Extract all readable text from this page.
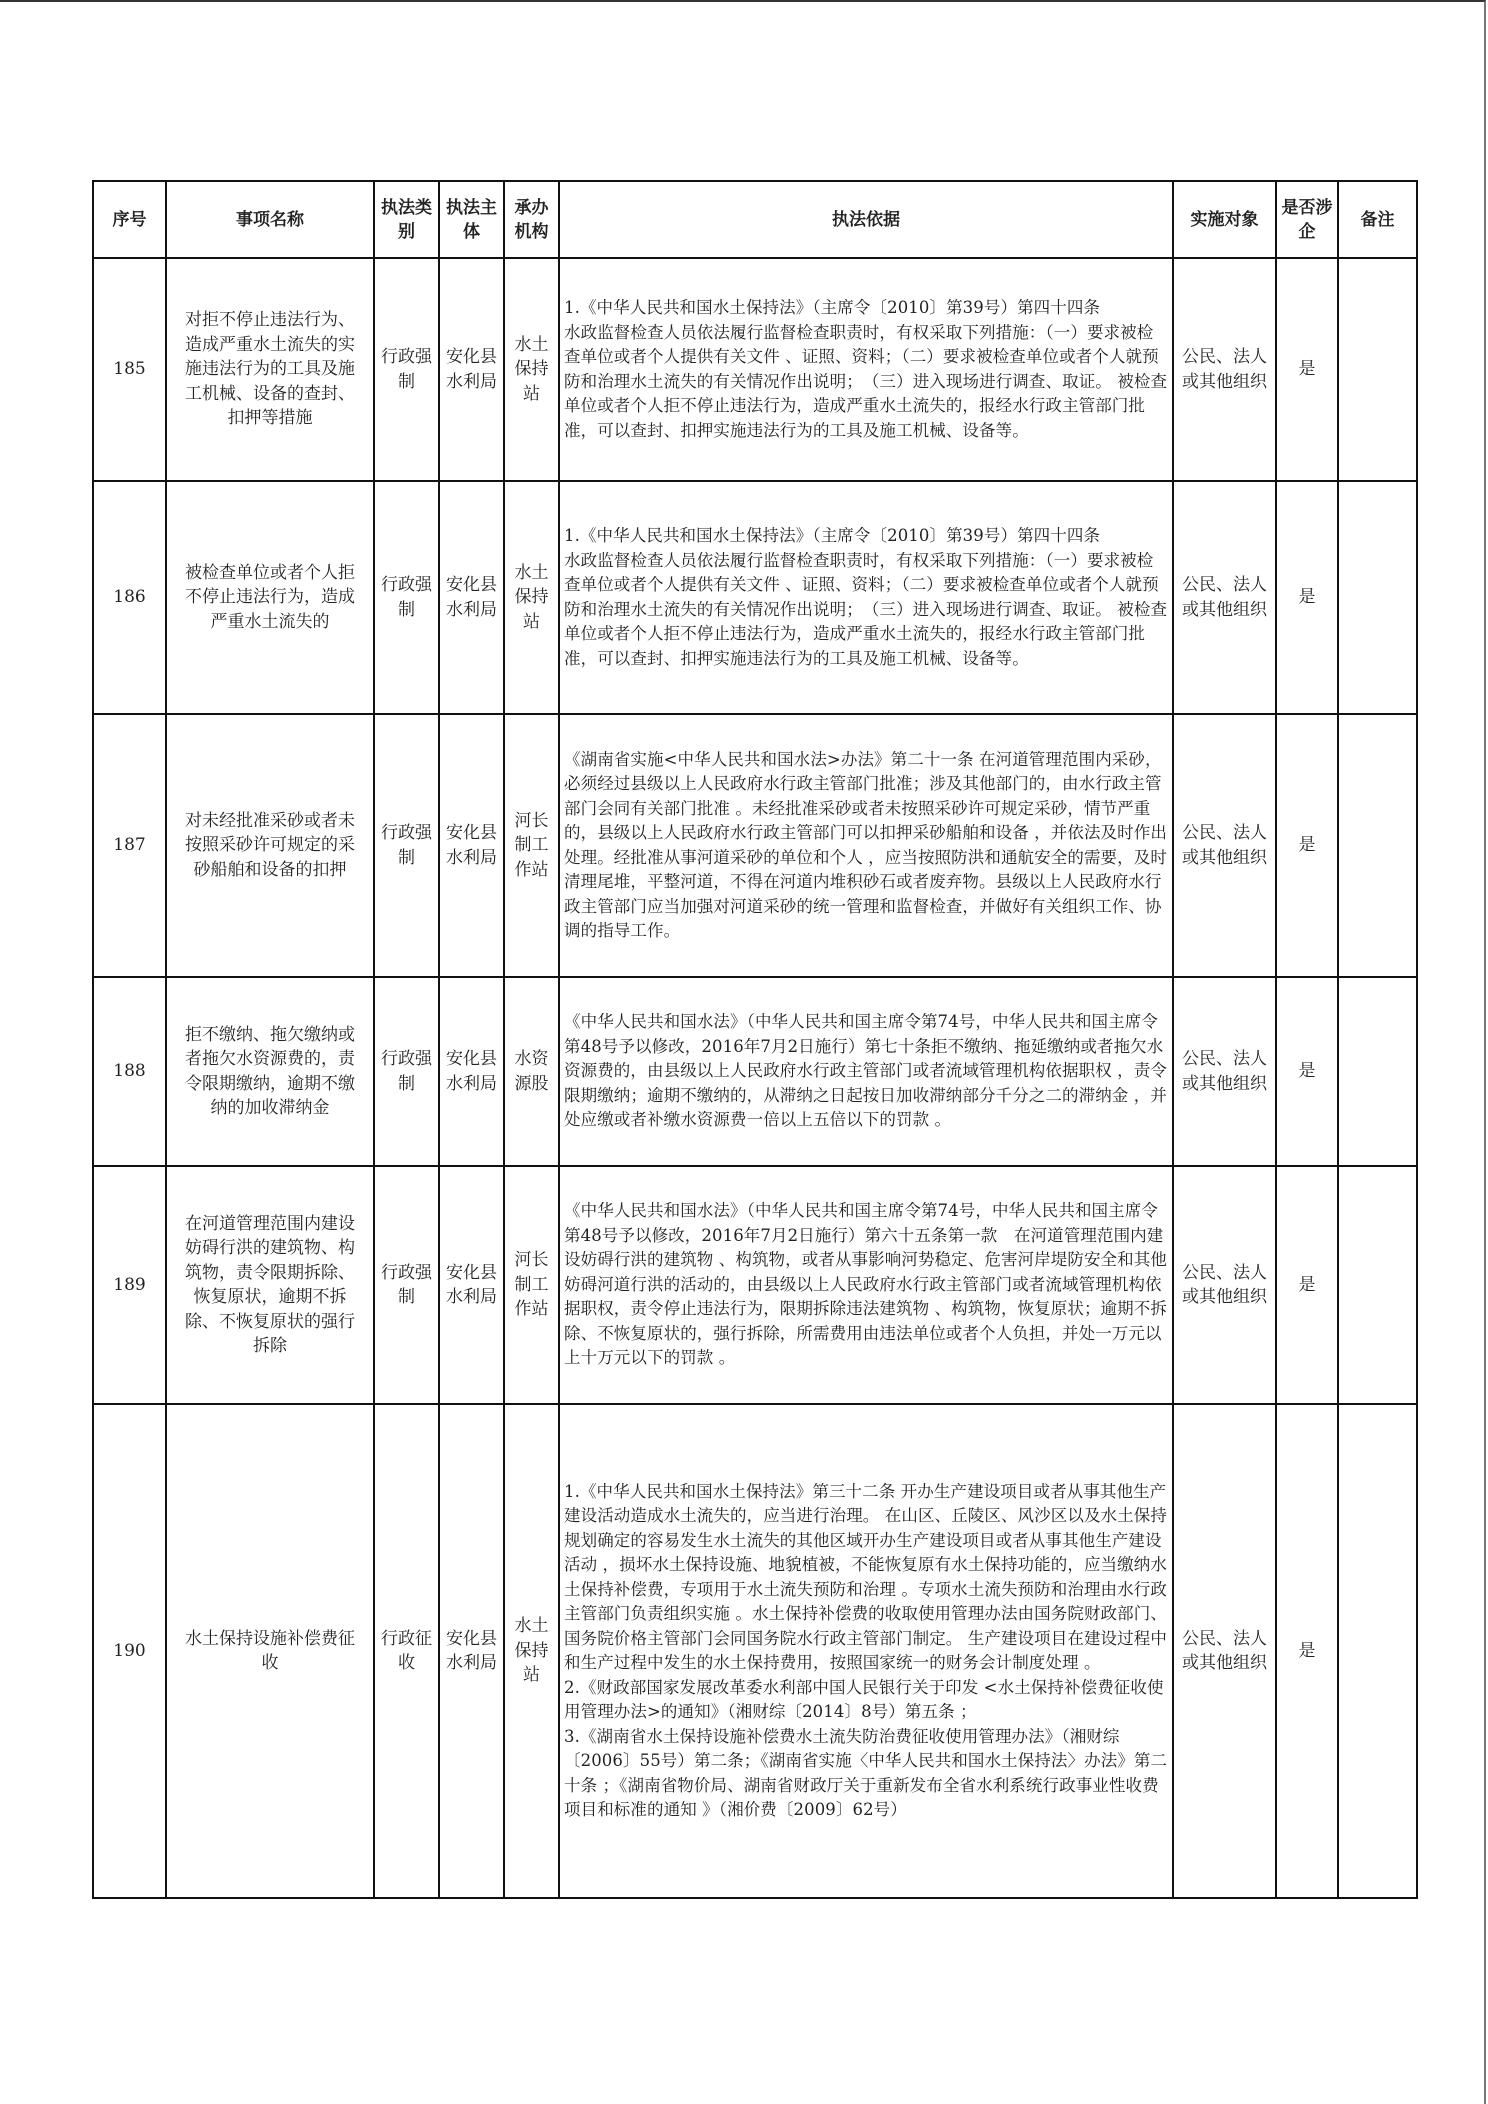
序号	事项名称	执法类别	执法主体	承办机构	执法依据	实施对象	是否涉企	备注
185	对拒不停止违法行为、造成严重水土流失的实施违法行为的工具及施工机械、设备的查封、扣押等措施	行政强制	安化县水利局	水土保持站	1.《中华人民共和国水土保持法》（主席令〔2010〕第39号）第四十四条
水政监督检查人员依法履行监督检查职责时，有权采取下列措施：（一）要求被检查单位或者个人提供有关文件 、证照、资料；（二）要求被检查单位或者个人就预防和治理水土流失的有关情况作出说明；　（三）进入现场进行调查、取证。 被检查单位或者个人拒不停止违法行为，造成严重水土流失的，报经水行政主管部门批准，可以查封、扣押实施违法行为的工具及施工机械、设备等。	公民、法人或其他组织	是	
186	被检查单位或者个人拒不停止违法行为，造成严重水土流失的	行政强制	安化县水利局	水土保持站	1.《中华人民共和国水土保持法》（主席令〔2010〕第39号）第四十四条
水政监督检查人员依法履行监督检查职责时，有权采取下列措施：（一）要求被检查单位或者个人提供有关文件 、证照、资料；（二）要求被检查单位或者个人就预防和治理水土流失的有关情况作出说明；　（三）进入现场进行调查、取证。 被检查单位或者个人拒不停止违法行为，造成严重水土流失的，报经水行政主管部门批准，可以查封、扣押实施违法行为的工具及施工机械、设备等。	公民、法人或其他组织	是	
187	对未经批准采砂或者未按照采砂许可规定的采砂船舶和设备的扣押	行政强制	安化县水利局	河长制工作站	《湖南省实施<中华人民共和国水法>办法》第二十一条 在河道管理范围内采砂，必须经过县级以上人民政府水行政主管部门批准；涉及其他部门的，由水行政主管部门会同有关部门批准 。未经批准采砂或者未按照采砂许可规定采砂，情节严重的，县级以上人民政府水行政主管部门可以扣押采砂船舶和设备 ，并依法及时作出处理。经批准从事河道采砂的单位和个人 ，应当按照防洪和通航安全的需要，及时清理尾堆，平整河道，不得在河道内堆积砂石或者废弃物。县级以上人民政府水行政主管部门应当加强对河道采砂的统一管理和监督检查，并做好有关组织工作、协调的指导工作。	公民、法人或其他组织	是	
188	拒不缴纳、拖欠缴纳或者拖欠水资源费的，责令限期缴纳，逾期不缴纳的加收滞纳金	行政强制	安化县水利局	水资源股	《中华人民共和国水法》（中华人民共和国主席令第74号，中华人民共和国主席令第48号予以修改，2016年7月2日施行）第七十条拒不缴纳、拖延缴纳或者拖欠水资源费的，由县级以上人民政府水行政主管部门或者流域管理机构依据职权 ，责令限期缴纳；逾期不缴纳的，从滞纳之日起按日加收滞纳部分千分之二的滞纳金 ，并处应缴或者补缴水资源费一倍以上五倍以下的罚款 。	公民、法人或其他组织	是	
189	在河道管理范围内建设妨碍行洪的建筑物、构筑物，责令限期拆除、恢复原状，逾期不拆除、不恢复原状的强行拆除	行政强制	安化县水利局	河长制工作站	《中华人民共和国水法》（中华人民共和国主席令第74号，中华人民共和国主席令第48号予以修改，2016年7月2日施行）第六十五条第一款　在河道管理范围内建设妨碍行洪的建筑物 、构筑物，或者从事影响河势稳定、危害河岸堤防安全和其他妨碍河道行洪的活动的，由县级以上人民政府水行政主管部门或者流域管理机构依据职权，责令停止违法行为，限期拆除违法建筑物 、构筑物，恢复原状；逾期不拆除、不恢复原状的，强行拆除，所需费用由违法单位或者个人负担，并处一万元以上十万元以下的罚款 。	公民、法人或其他组织	是	
190	水土保持设施补偿费征收	行政征收	安化县水利局	水土保持站	1.《中华人民共和国水土保持法》第三十二条 开办生产建设项目或者从事其他生产建设活动造成水土流失的，应当进行治理。 在山区、丘陵区、风沙区以及水土保持规划确定的容易发生水土流失的其他区域开办生产建设项目或者从事其他生产建设活动 ，损坏水土保持设施、地貌植被，不能恢复原有水土保持功能的，应当缴纳水土保持补偿费，专项用于水土流失预防和治理 。专项水土流失预防和治理由水行政主管部门负责组织实施 。水土保持补偿费的收取使用管理办法由国务院财政部门、国务院价格主管部门会同国务院水行政主管部门制定。 生产建设项目在建设过程中和生产过程中发生的水土保持费用，按照国家统一的财务会计制度处理 。
2.《财政部国家发展改革委水利部中国人民银行关于印发 <水土保持补偿费征收使用管理办法>的通知》（湘财综〔2014〕8号）第五条 ；
3.《湖南省水土保持设施补偿费水土流失防治费征收使用管理办法》（湘财综〔2006〕55号）第二条；《湖南省实施〈中华人民共和国水土保持法〉办法》第二十条 ；《湖南省物价局、湖南省财政厅关于重新发布全省水利系统行政事业性收费项目和标准的通知 》（湘价费〔2009〕62号）	公民、法人或其他组织	是	
